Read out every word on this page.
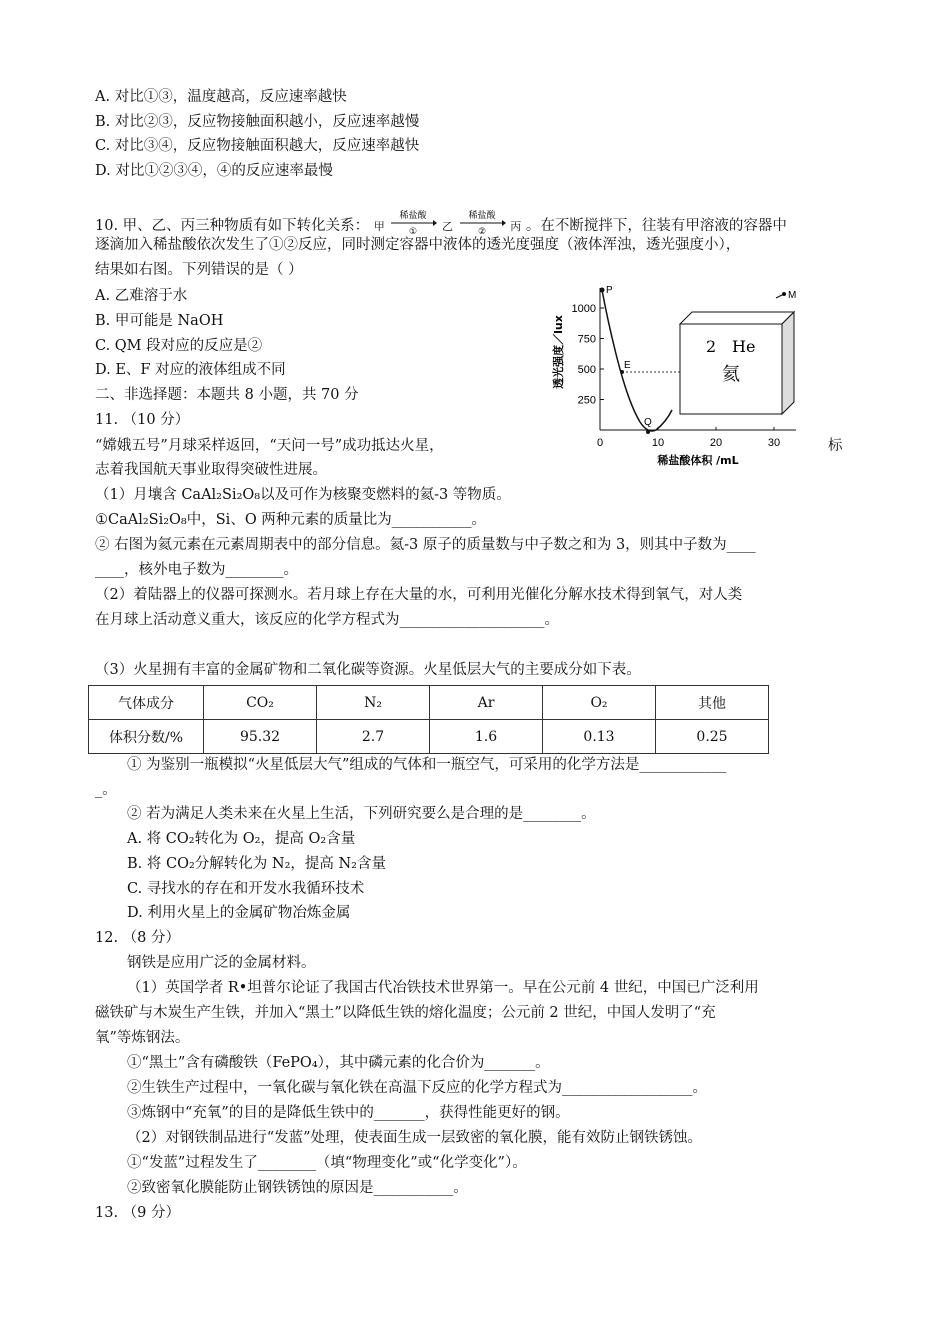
A. 对比①③，温度越高，反应速率越快
B. 对比②③，反应物接触面积越小，反应速率越慢
C. 对比③④，反应物接触面积越大，反应速率越快
D. 对比①②③④，④的反应速率最慢
10. 甲、乙、丙三种物质有如下转化关系： 甲
稀盐酸
① 乙
稀盐酸
② 丙 。在不断搅拌下，往装有甲溶液的容器中
逐滴加入稀盐酸依次发生了①②反应，同时测定容器中液体的透光度强度（液体浑浊，透光强度小），
结果如右图。下列错误的是（ ）
A. 乙难溶于水
B. 甲可能是 NaOH
C. QM 段对应的反应是②
D. E、F 对应的液体组成不同
二、非选择题：本题共 8 小题，共 70 分
1000
750
500
250
0	10	20	30
透光强度／lux
稀盐酸体积 /mL
P
E
Q
M
2 He
氦
11. （10 分）
“嫦娥五号”月球采样返回，“天问一号”成功抵达火星，	标
志着我国航天事业取得突破性进展。
（1）月壤含 CaAl₂Si₂O₈以及可作为核聚变燃料的氦-3 等物质。
①CaAl₂Si₂O₈中，Si、O 两种元素的质量比为___________。
② 右图为氦元素在元素周期表中的部分信息。氦-3 原子的质量数与中子数之和为 3，则其中子数为____
____，核外电子数为________。
（2）着陆器上的仪器可探测水。若月球上存在大量的水，可利用光催化分解水技术得到氧气，对人类
在月球上活动意义重大，该反应的化学方程式为____________________。
（3）火星拥有丰富的金属矿物和二氧化碳等资源。火星低层大气的主要成分如下表。
气体成分	CO₂	N₂	Ar	O₂	其他
体积分数/%	95.32	2.7	1.6	0.13	0.25
① 为鉴别一瓶模拟“火星低层大气”组成的气体和一瓶空气，可采用的化学方法是____________
_。
② 若为满足人类未来在火星上生活，下列研究要么是合理的是________。
A. 将 CO₂转化为 O₂，提高 O₂含量
B. 将 CO₂分解转化为 N₂，提高 N₂含量
C. 寻找水的存在和开发水我循环技术
D. 利用火星上的金属矿物冶炼金属
12. （8 分）
钢铁是应用广泛的金属材料。
（1）英国学者 R•坦普尔论证了我国古代冶铁技术世界第一。早在公元前 4 世纪，中国已广泛利用
磁铁矿与木炭生产生铁，并加入“黑土”以降低生铁的熔化温度；公元前 2 世纪，中国人发明了“充
氧”等炼钢法。
①“黑土”含有磷酸铁（FePO₄），其中磷元素的化合价为_______。
②生铁生产过程中，一氧化碳与氧化铁在高温下反应的化学方程式为__________________。
③炼钢中“充氧”的目的是降低生铁中的_______，获得性能更好的钢。
（2）对钢铁制品进行“发蓝”处理，使表面生成一层致密的氧化膜，能有效防止钢铁锈蚀。
①“发蓝”过程发生了________（填“物理变化”或“化学变化”）。
②致密氧化膜能防止钢铁锈蚀的原因是___________。
13. （9 分）
